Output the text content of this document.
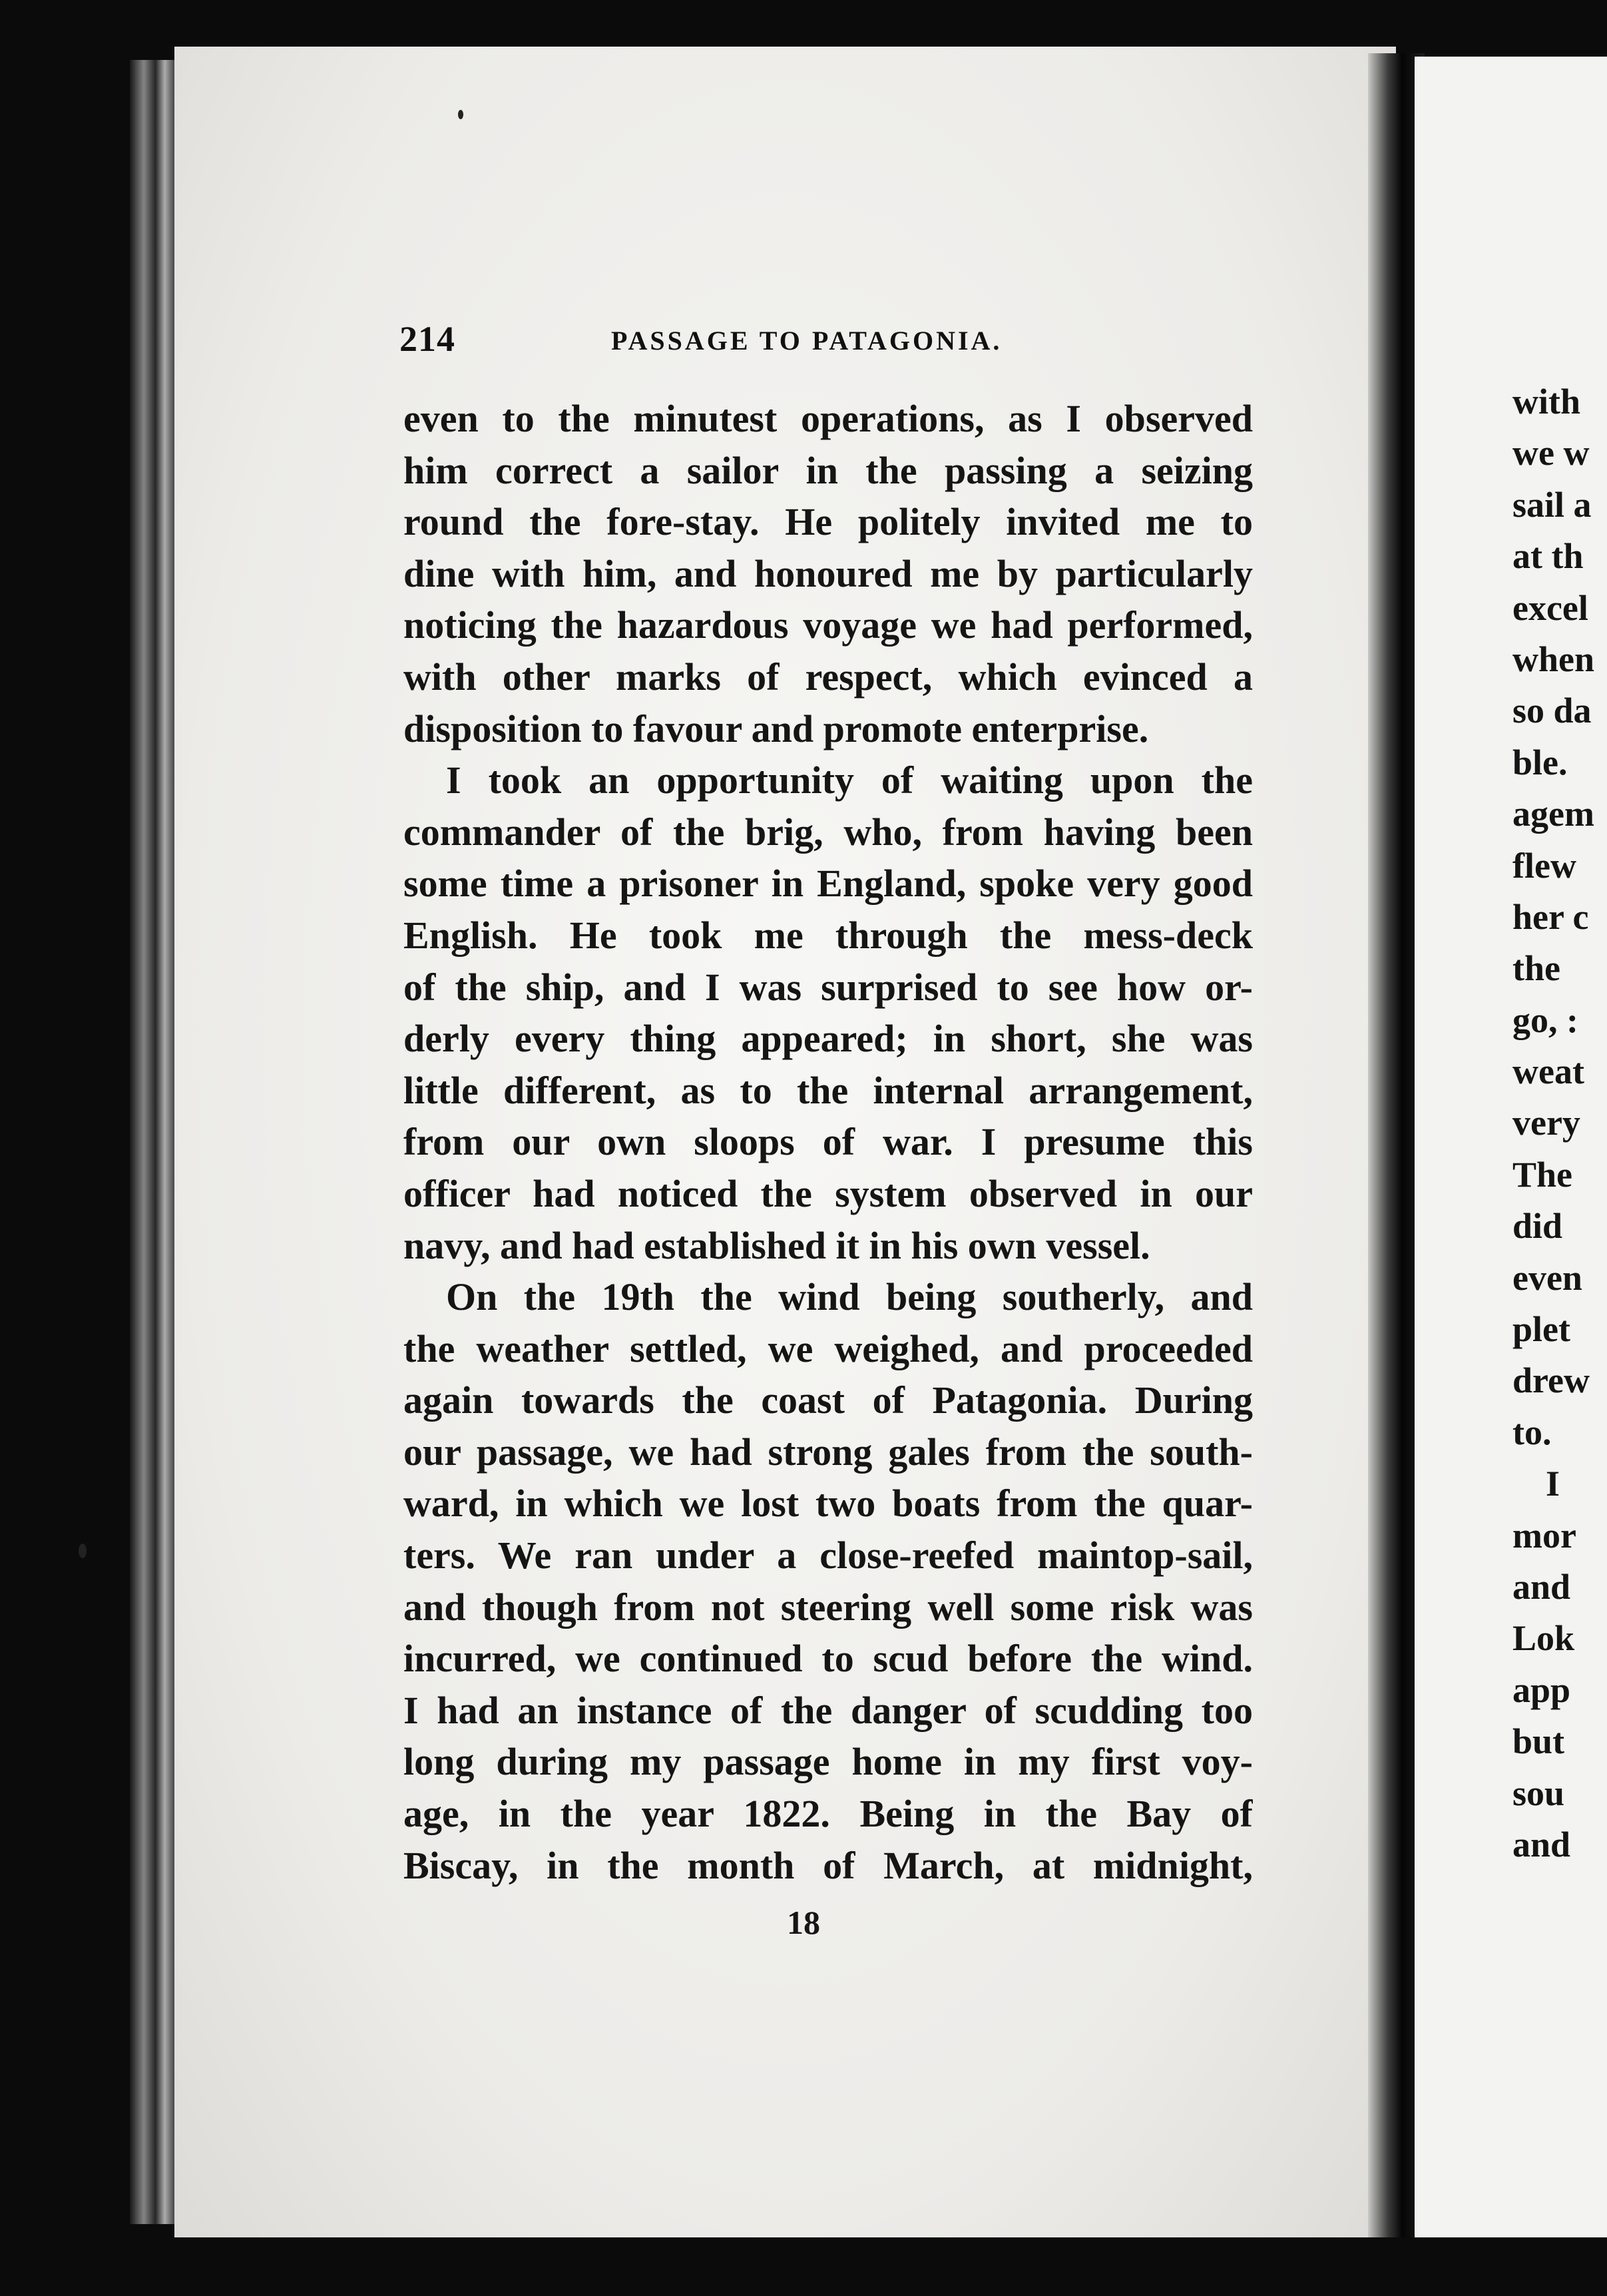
214	PASSAGE TO PATAGONIA.
even to the minutest operations, as I observed
him correct a sailor in the passing a seizing
round the fore-stay. He politely invited me to
dine with him, and honoured me by particularly
noticing the hazardous voyage we had performed,
with other marks of respect, which evinced a
disposition to favour and promote enterprise.
I took an opportunity of waiting upon the
commander of the brig, who, from having been
some time a prisoner in England, spoke very good
English. He took me through the mess-deck
of the ship, and I was surprised to see how or-
derly every thing appeared; in short, she was
little different, as to the internal arrangement,
from our own sloops of war. I presume this
officer had noticed the system observed in our
navy, and had established it in his own vessel.
On the 19th the wind being southerly, and
the weather settled, we weighed, and proceeded
again towards the coast of Patagonia. During
our passage, we had strong gales from the south-
ward, in which we lost two boats from the quar-
ters. We ran under a close-reefed maintop-sail,
and though from not steering well some risk was
incurred, we continued to scud before the wind.
I had an instance of the danger of scudding too
long during my passage home in my first voy-
age, in the year 1822. Being in the Bay of
Biscay, in the month of March, at midnight,
18
with
we w
sail a
at th
excel
when
so da
ble.
agem
flew
her c
the
go, :
weat
very
The
did
even
plet
drew
to.
I
mor
and
Lok
app
but
sou
and
